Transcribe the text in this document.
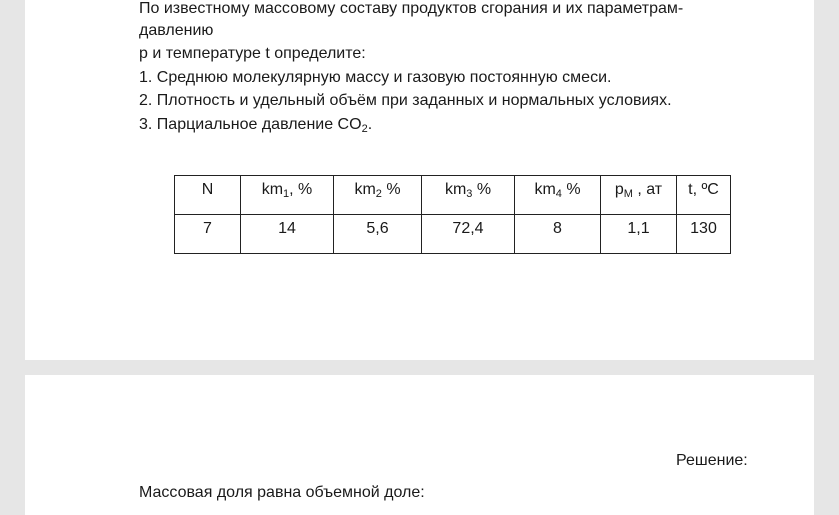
По известному массовому составу продуктов сгорания и их параметрам-
давлению
p и температуре t определите:
1. Среднюю молекулярную массу и газовую постоянную смеси.
2. Плотность и удельный объём при заданных и нормальных условиях.
3. Парциальное давление $CO_2$.
N	$km_1$, %	$km_2$ %	$km_3$ %	$km_4$ %	$p_М$ , ат	t, ºС
7	14	5,6	72,4	8	1,1	130
Решение:
Массовая доля равна объемной доле:
